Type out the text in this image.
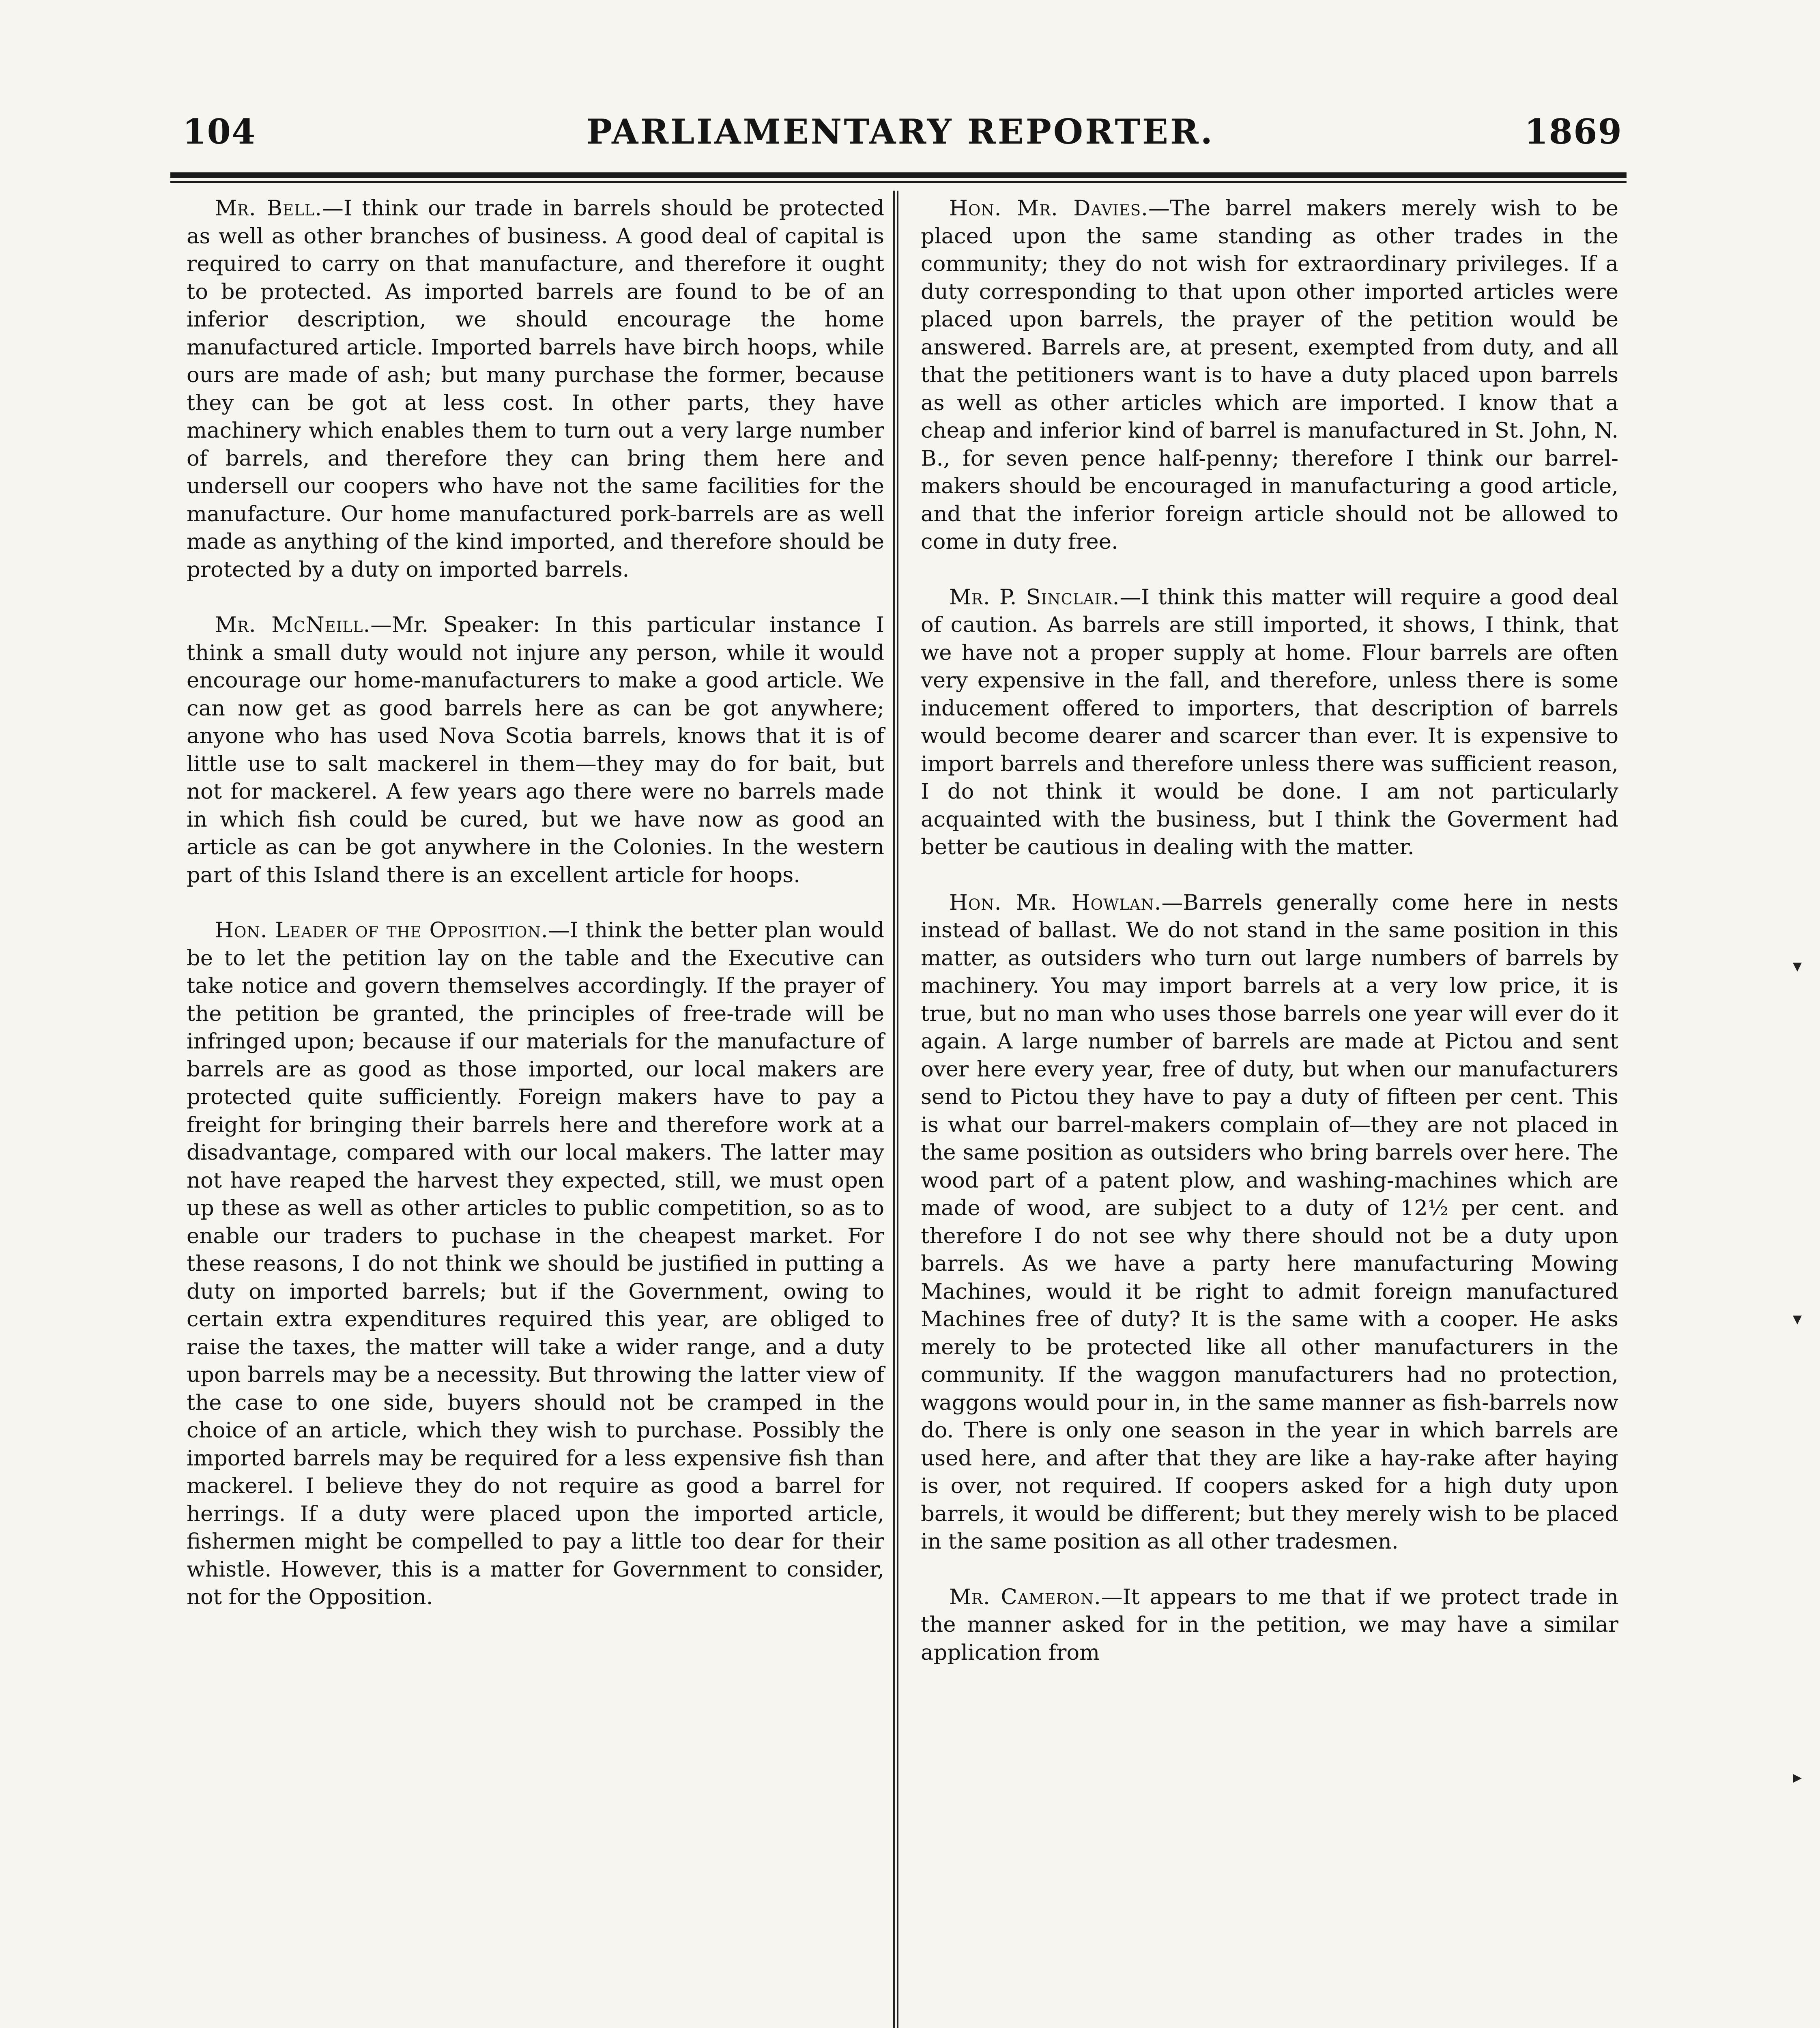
104	PARLIAMENTARY REPORTER.	1869

Mr. Bell.—I think our trade in barrels should be protected as well as other branches of business. A good deal of capital is required to carry on that manufacture, and therefore it ought to be protected. As imported barrels are found to be of an inferior description, we should encourage the home manufactured article. Imported barrels have birch hoops, while ours are made of ash; but many purchase the former, because they can be got at less cost. In other parts, they have machinery which enables them to turn out a very large number of barrels, and therefore they can bring them here and undersell our coopers who have not the same facilities for the manufacture. Our home manufactured pork-barrels are as well made as anything of the kind imported, and therefore should be protected by a duty on imported barrels.

Mr. McNeill.—Mr. Speaker: In this particular instance I think a small duty would not injure any person, while it would encourage our home-manufacturers to make a good article. We can now get as good barrels here as can be got anywhere; anyone who has used Nova Scotia barrels, knows that it is of little use to salt mackerel in them—they may do for bait, but not for mackerel. A few years ago there were no barrels made in which fish could be cured, but we have now as good an article as can be got anywhere in the Colonies. In the western part of this Island there is an excellent article for hoops.

Hon. Leader of the Opposition.—I think the better plan would be to let the petition lay on the table and the Executive can take notice and govern themselves accordingly. If the prayer of the petition be granted, the principles of free-trade will be infringed upon; because if our materials for the manufacture of barrels are as good as those imported, our local makers are protected quite sufficiently. Foreign makers have to pay a freight for bringing their barrels here and therefore work at a disadvantage, compared with our local makers. The latter may not have reaped the harvest they expected, still, we must open up these as well as other articles to public competition, so as to enable our traders to puchase in the cheapest market. For these reasons, I do not think we should be justified in putting a duty on imported barrels; but if the Government, owing to certain extra expenditures required this year, are obliged to raise the taxes, the matter will take a wider range, and a duty upon barrels may be a necessity. But throwing the latter view of the case to one side, buyers should not be cramped in the choice of an article, which they wish to purchase. Possibly the imported barrels may be required for a less expensive fish than mackerel. I believe they do not require as good a barrel for herrings. If a duty were placed upon the imported article, fishermen might be compelled to pay a little too dear for their whistle. However, this is a matter for Government to consider, not for the Opposition.

Hon. Mr. Davies.—The barrel makers merely wish to be placed upon the same standing as other trades in the community; they do not wish for extraordinary privileges. If a duty corresponding to that upon other imported articles were placed upon barrels, the prayer of the petition would be answered. Barrels are, at present, exempted from duty, and all that the petitioners want is to have a duty placed upon barrels as well as other articles which are imported. I know that a cheap and inferior kind of barrel is manufactured in St. John, N. B., for seven pence half-penny; therefore I think our barrel-makers should be encouraged in manufacturing a good article, and that the inferior foreign article should not be allowed to come in duty free.

Mr. P. Sinclair.—I think this matter will require a good deal of caution. As barrels are still imported, it shows, I think, that we have not a proper supply at home. Flour barrels are often very expensive in the fall, and therefore, unless there is some inducement offered to importers, that description of barrels would become dearer and scarcer than ever. It is expensive to import barrels and therefore unless there was sufficient reason, I do not think it would be done. I am not particularly acquainted with the business, but I think the Goverment had better be cautious in dealing with the matter.

Hon. Mr. Howlan.—Barrels generally come here in nests instead of ballast. We do not stand in the same position in this matter, as outsiders who turn out large numbers of barrels by machinery. You may import barrels at a very low price, it is true, but no man who uses those barrels one year will ever do it again. A large number of barrels are made at Pictou and sent over here every year, free of duty, but when our manufacturers send to Pictou they have to pay a duty of fifteen per cent. This is what our barrel-makers complain of—they are not placed in the same position as outsiders who bring barrels over here. The wood part of a patent plow, and washing-machines which are made of wood, are subject to a duty of 12½ per cent. and therefore I do not see why there should not be a duty upon barrels. As we have a party here manufacturing Mowing Machines, would it be right to admit foreign manufactured Machines free of duty? It is the same with a cooper. He asks merely to be protected like all other manufacturers in the community. If the waggon manufacturers had no protection, waggons would pour in, in the same manner as fish-barrels now do. There is only one season in the year in which barrels are used here, and after that they are like a hay-rake after haying is over, not required. If coopers asked for a high duty upon barrels, it would be different; but they merely wish to be placed in the same position as all other tradesmen.

Mr. Cameron.—It appears to me that if we protect trade in the manner asked for in the petition, we may have a similar application from

▾
▾
▸
